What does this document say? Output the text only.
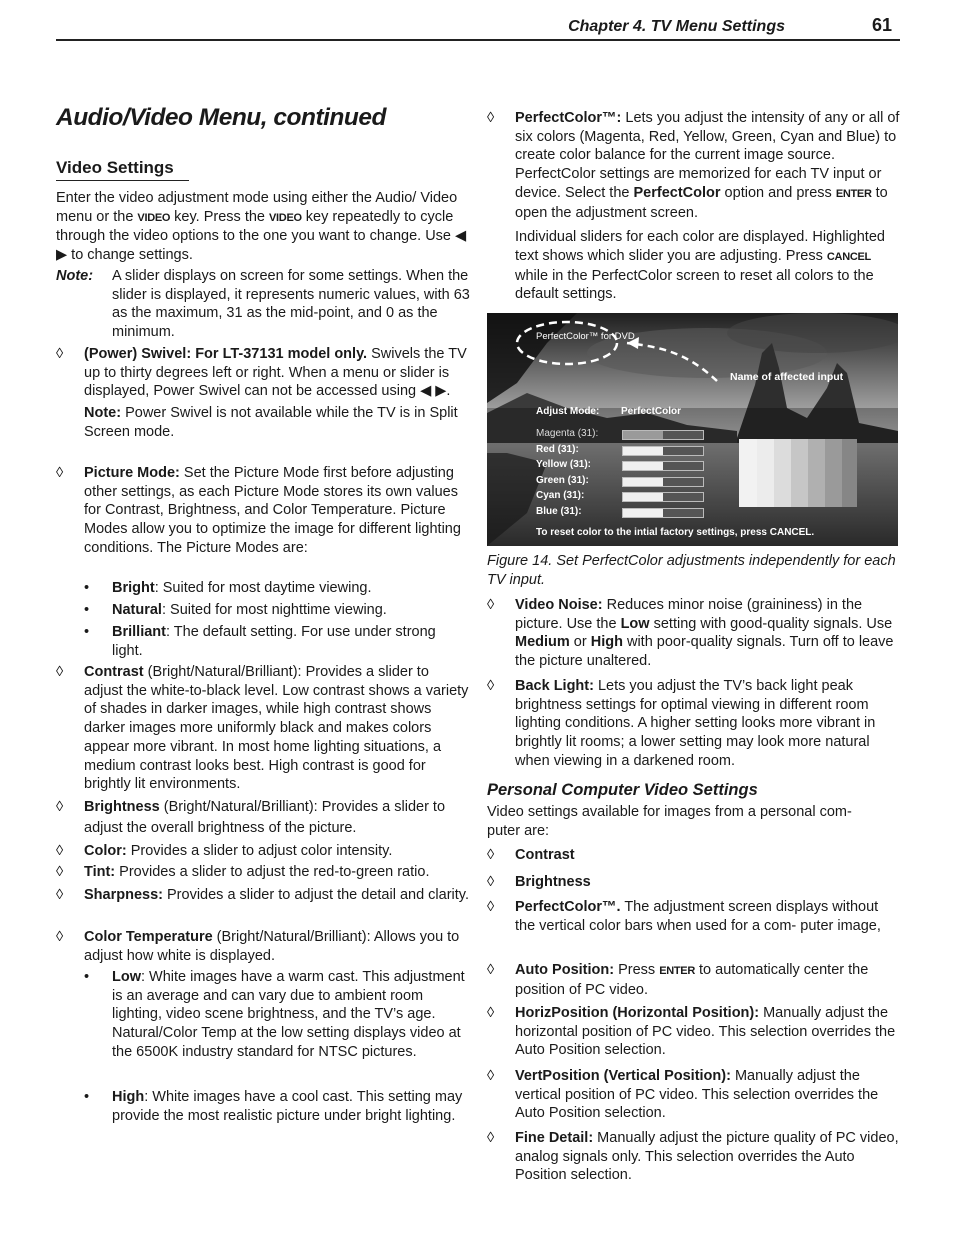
Chapter 4. TV Menu Settings	61
Audio/Video Menu, continued
Video Settings

Enter the video adjustment mode using either the Audio/ Video menu or the VIDEO key. Press the VIDEO key repeatedly to cycle through the video options to the one you want to change. Use ◀ ▶ to change settings.

Note: A slider displays on screen for some settings. When the slider is displayed, it represents numeric values, with 63 as the maximum, 31 as the mid-point, and 0 as the minimum.

◊ (Power) Swivel: For LT-37131 model only. Swivels the TV up to thirty degrees left or right. When a menu or slider is displayed, Power Swivel can not be accessed using ◀ ▶.

Note: Power Swivel is not available while the TV is in Split Screen mode.

◊ Picture Mode: Set the Picture Mode first before adjusting other settings, as each Picture Mode stores its own values for Contrast, Brightness, and Color Temperature. Picture Modes allow you to optimize the image for different lighting conditions. The Picture Modes are:

• Bright: Suited for most daytime viewing.

• Natural: Suited for most nighttime viewing.

• Brilliant: The default setting. For use under strong light.

◊ Contrast (Bright/Natural/Brilliant): Provides a slider to adjust the white-to-black level. Low contrast shows a variety of shades in darker images, while high contrast shows darker images more uniformly black and makes colors appear more vibrant. In most home lighting situations, a medium contrast looks best. High contrast is good for brightly lit environments.

◊ Brightness (Bright/Natural/Brilliant): Provides a slider to adjust the overall brightness of the picture.

◊ Color: Provides a slider to adjust color intensity.

◊ Tint: Provides a slider to adjust the red-to-green ratio.

◊ Sharpness: Provides a slider to adjust the detail and clarity.

◊ Color Temperature (Bright/Natural/Brilliant): Allows you to adjust how white is displayed.

• Low: White images have a warm cast. This adjustment is an average and can vary due to ambient room lighting, video scene brightness, and the TV’s age. Natural/Color Temp at the low setting displays video at the 6500K industry standard for NTSC pictures.

• High: White images have a cool cast. This setting may provide the most realistic picture under bright lighting.

◊ PerfectColor™: Lets you adjust the intensity of any or all of six colors (Magenta, Red, Yellow, Green, Cyan and Blue) to create color balance for the current image source. PerfectColor settings are memorized for each TV input or device. Select the PerfectColor option and press ENTER to open the adjustment screen.

Individual sliders for each color are displayed. Highlighted text shows which slider you are adjusting. Press CANCEL while in the PerfectColor screen to reset all colors to the default settings.

PerfectColor™ for DVD
Name of affected input
Adjust Mode: PerfectColor
Magenta (31):
Red (31):
Yellow (31):
Green (31):
Cyan (31):
Blue (31):
To reset color to the intial factory settings, press CANCEL.

Figure 14. Set PerfectColor adjustments independently for each TV input.

◊ Video Noise: Reduces minor noise (graininess) in the picture. Use the Low setting with good-quality signals. Use Medium or High with poor-quality signals. Turn off to leave the picture unaltered.

◊ Back Light: Lets you adjust the TV’s back light peak brightness settings for optimal viewing in different room lighting conditions. A higher setting looks more vibrant in brightly lit rooms; a lower setting may look more natural when viewing in a darkened room.

Personal Computer Video Settings

Video settings available for images from a personal com- puter are:

◊ Contrast

◊ Brightness

◊ PerfectColor™. The adjustment screen displays without the vertical color bars when used for a com- puter image,

◊ Auto Position: Press ENTER to automatically center the position of PC video.

◊ HorizPosition (Horizontal Position): Manually adjust the horizontal position of PC video. This selection overrides the Auto Position selection.

◊ VertPosition (Vertical Position): Manually adjust the vertical position of PC video. This selection overrides the Auto Position selection.

◊ Fine Detail: Manually adjust the picture quality of PC video, analog signals only. This selection overrides the Auto Position selection.
